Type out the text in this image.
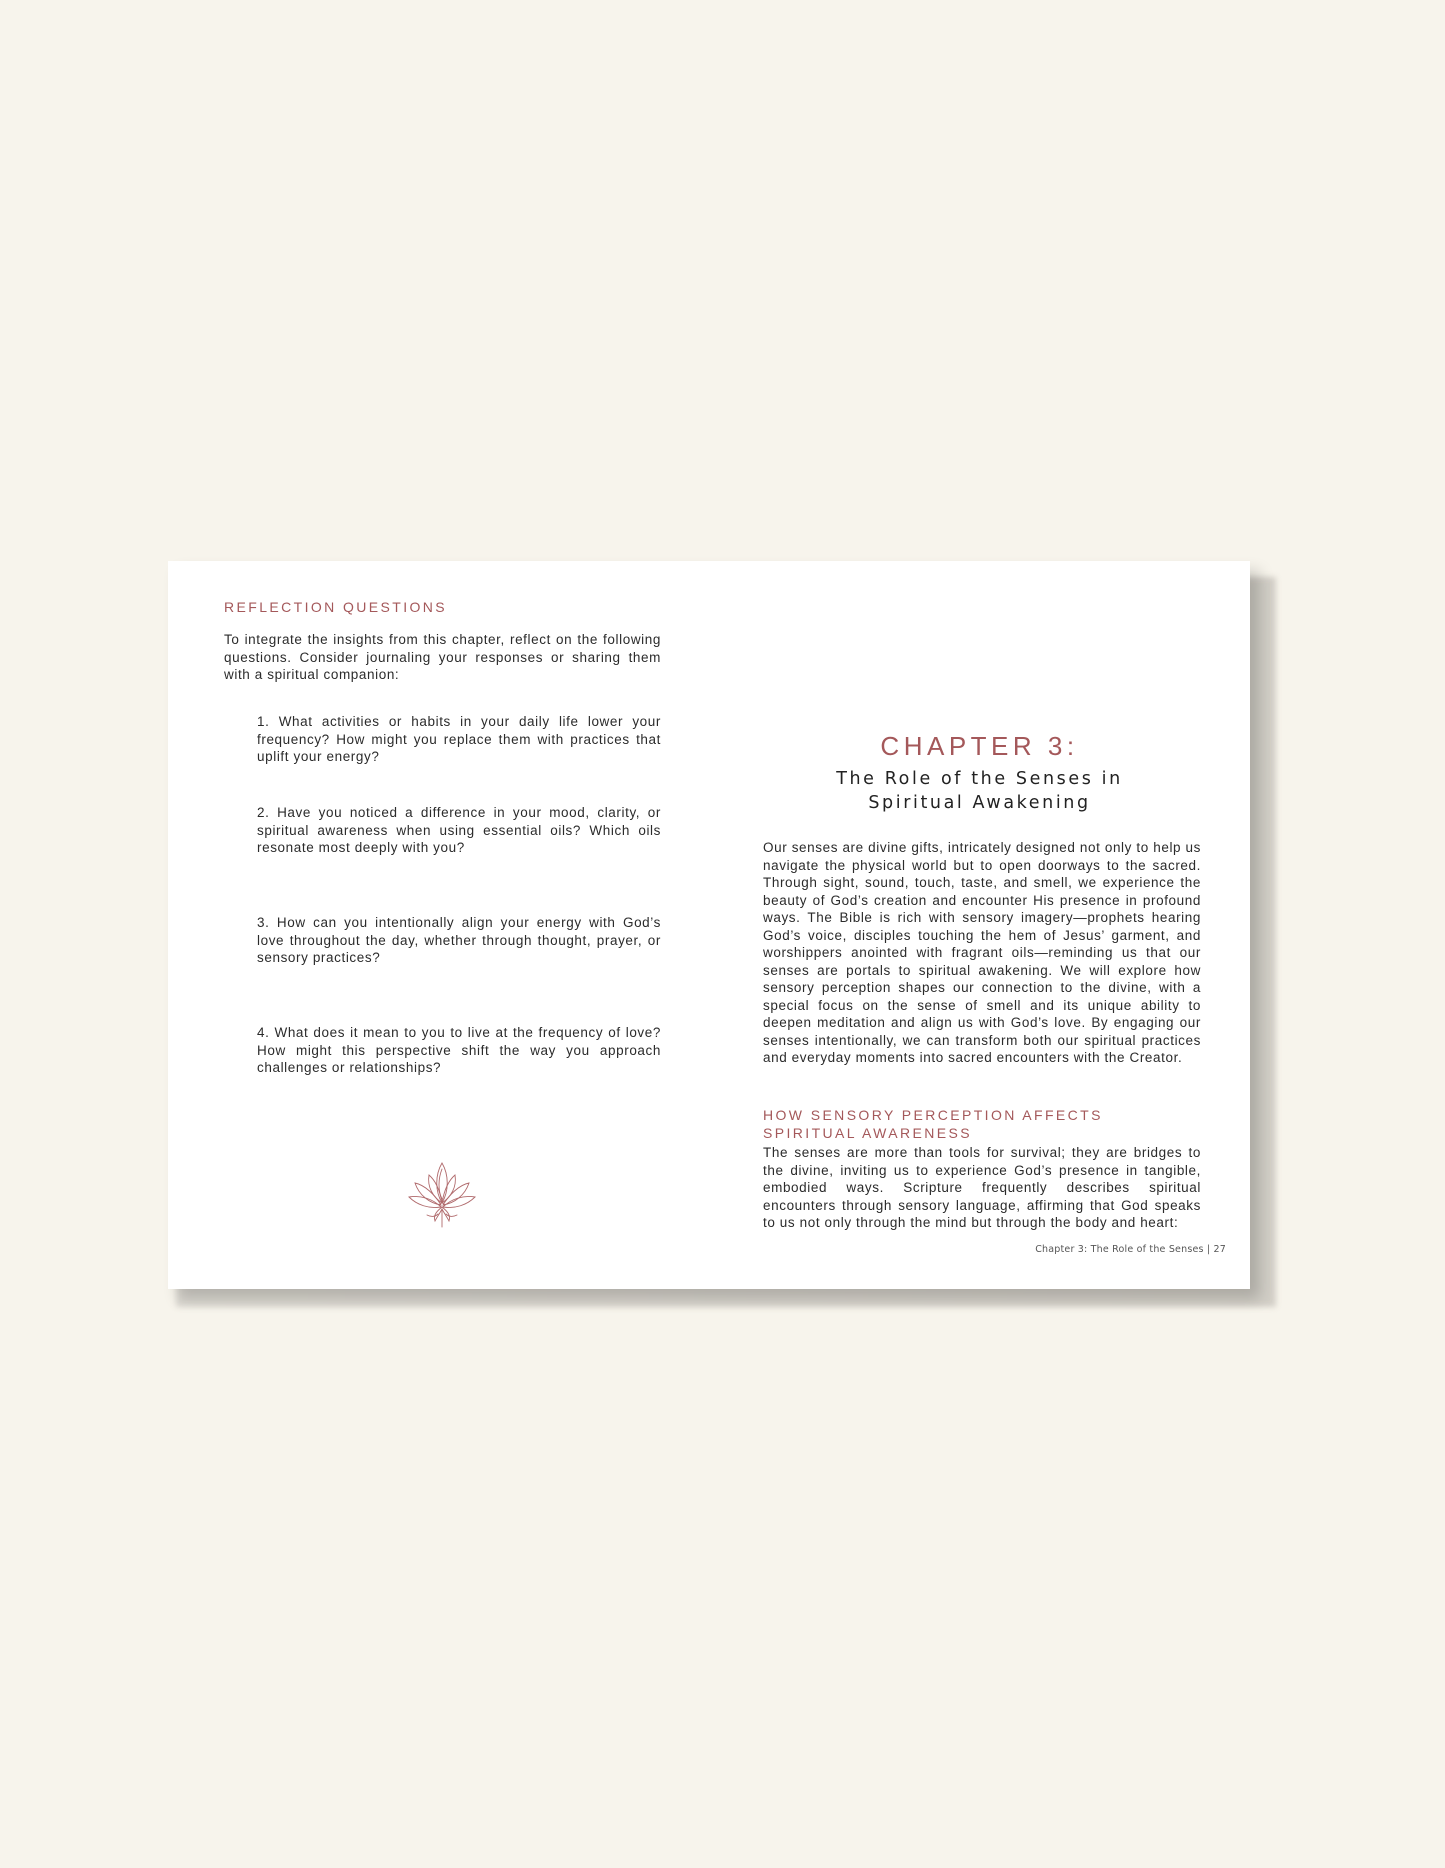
REFLECTION QUESTIONS

To integrate the insights from this chapter, reflect on the following questions. Consider journaling your responses or sharing them with a spiritual companion:

1. What activities or habits in your daily life lower your frequency? How might you replace them with practices that uplift your energy?

2. Have you noticed a difference in your mood, clarity, or spiritual awareness when using essential oils? Which oils resonate most deeply with you?

3. How can you intentionally align your energy with God’s love throughout the day, whether through thought, prayer, or sensory practices?

4. What does it mean to you to live at the frequency of love? How might this perspective shift the way you approach challenges or relationships?

CHAPTER 3:
The Role of the Senses in
Spiritual Awakening

Our senses are divine gifts, intricately designed not only to help us navigate the physical world but to open doorways to the sacred. Through sight, sound, touch, taste, and smell, we experience the beauty of God’s creation and encounter His presence in profound ways. The Bible is rich with sensory imagery—prophets hearing God’s voice, disciples touching the hem of Jesus’ garment, and worshippers anointed with fragrant oils—reminding us that our senses are portals to spiritual awakening. We will explore how sensory perception shapes our connection to the divine, with a special focus on the sense of smell and its unique ability to deepen meditation and align us with God’s love. By engaging our senses intentionally, we can transform both our spiritual practices and everyday moments into sacred encounters with the Creator.

HOW SENSORY PERCEPTION AFFECTS
SPIRITUAL AWARENESS

The senses are more than tools for survival; they are bridges to the divine, inviting us to experience God’s presence in tangible, embodied ways. Scripture frequently describes spiritual encounters through sensory language, affirming that God speaks to us not only through the mind but through the body and heart:

Chapter 3: The Role of the Senses | 27
